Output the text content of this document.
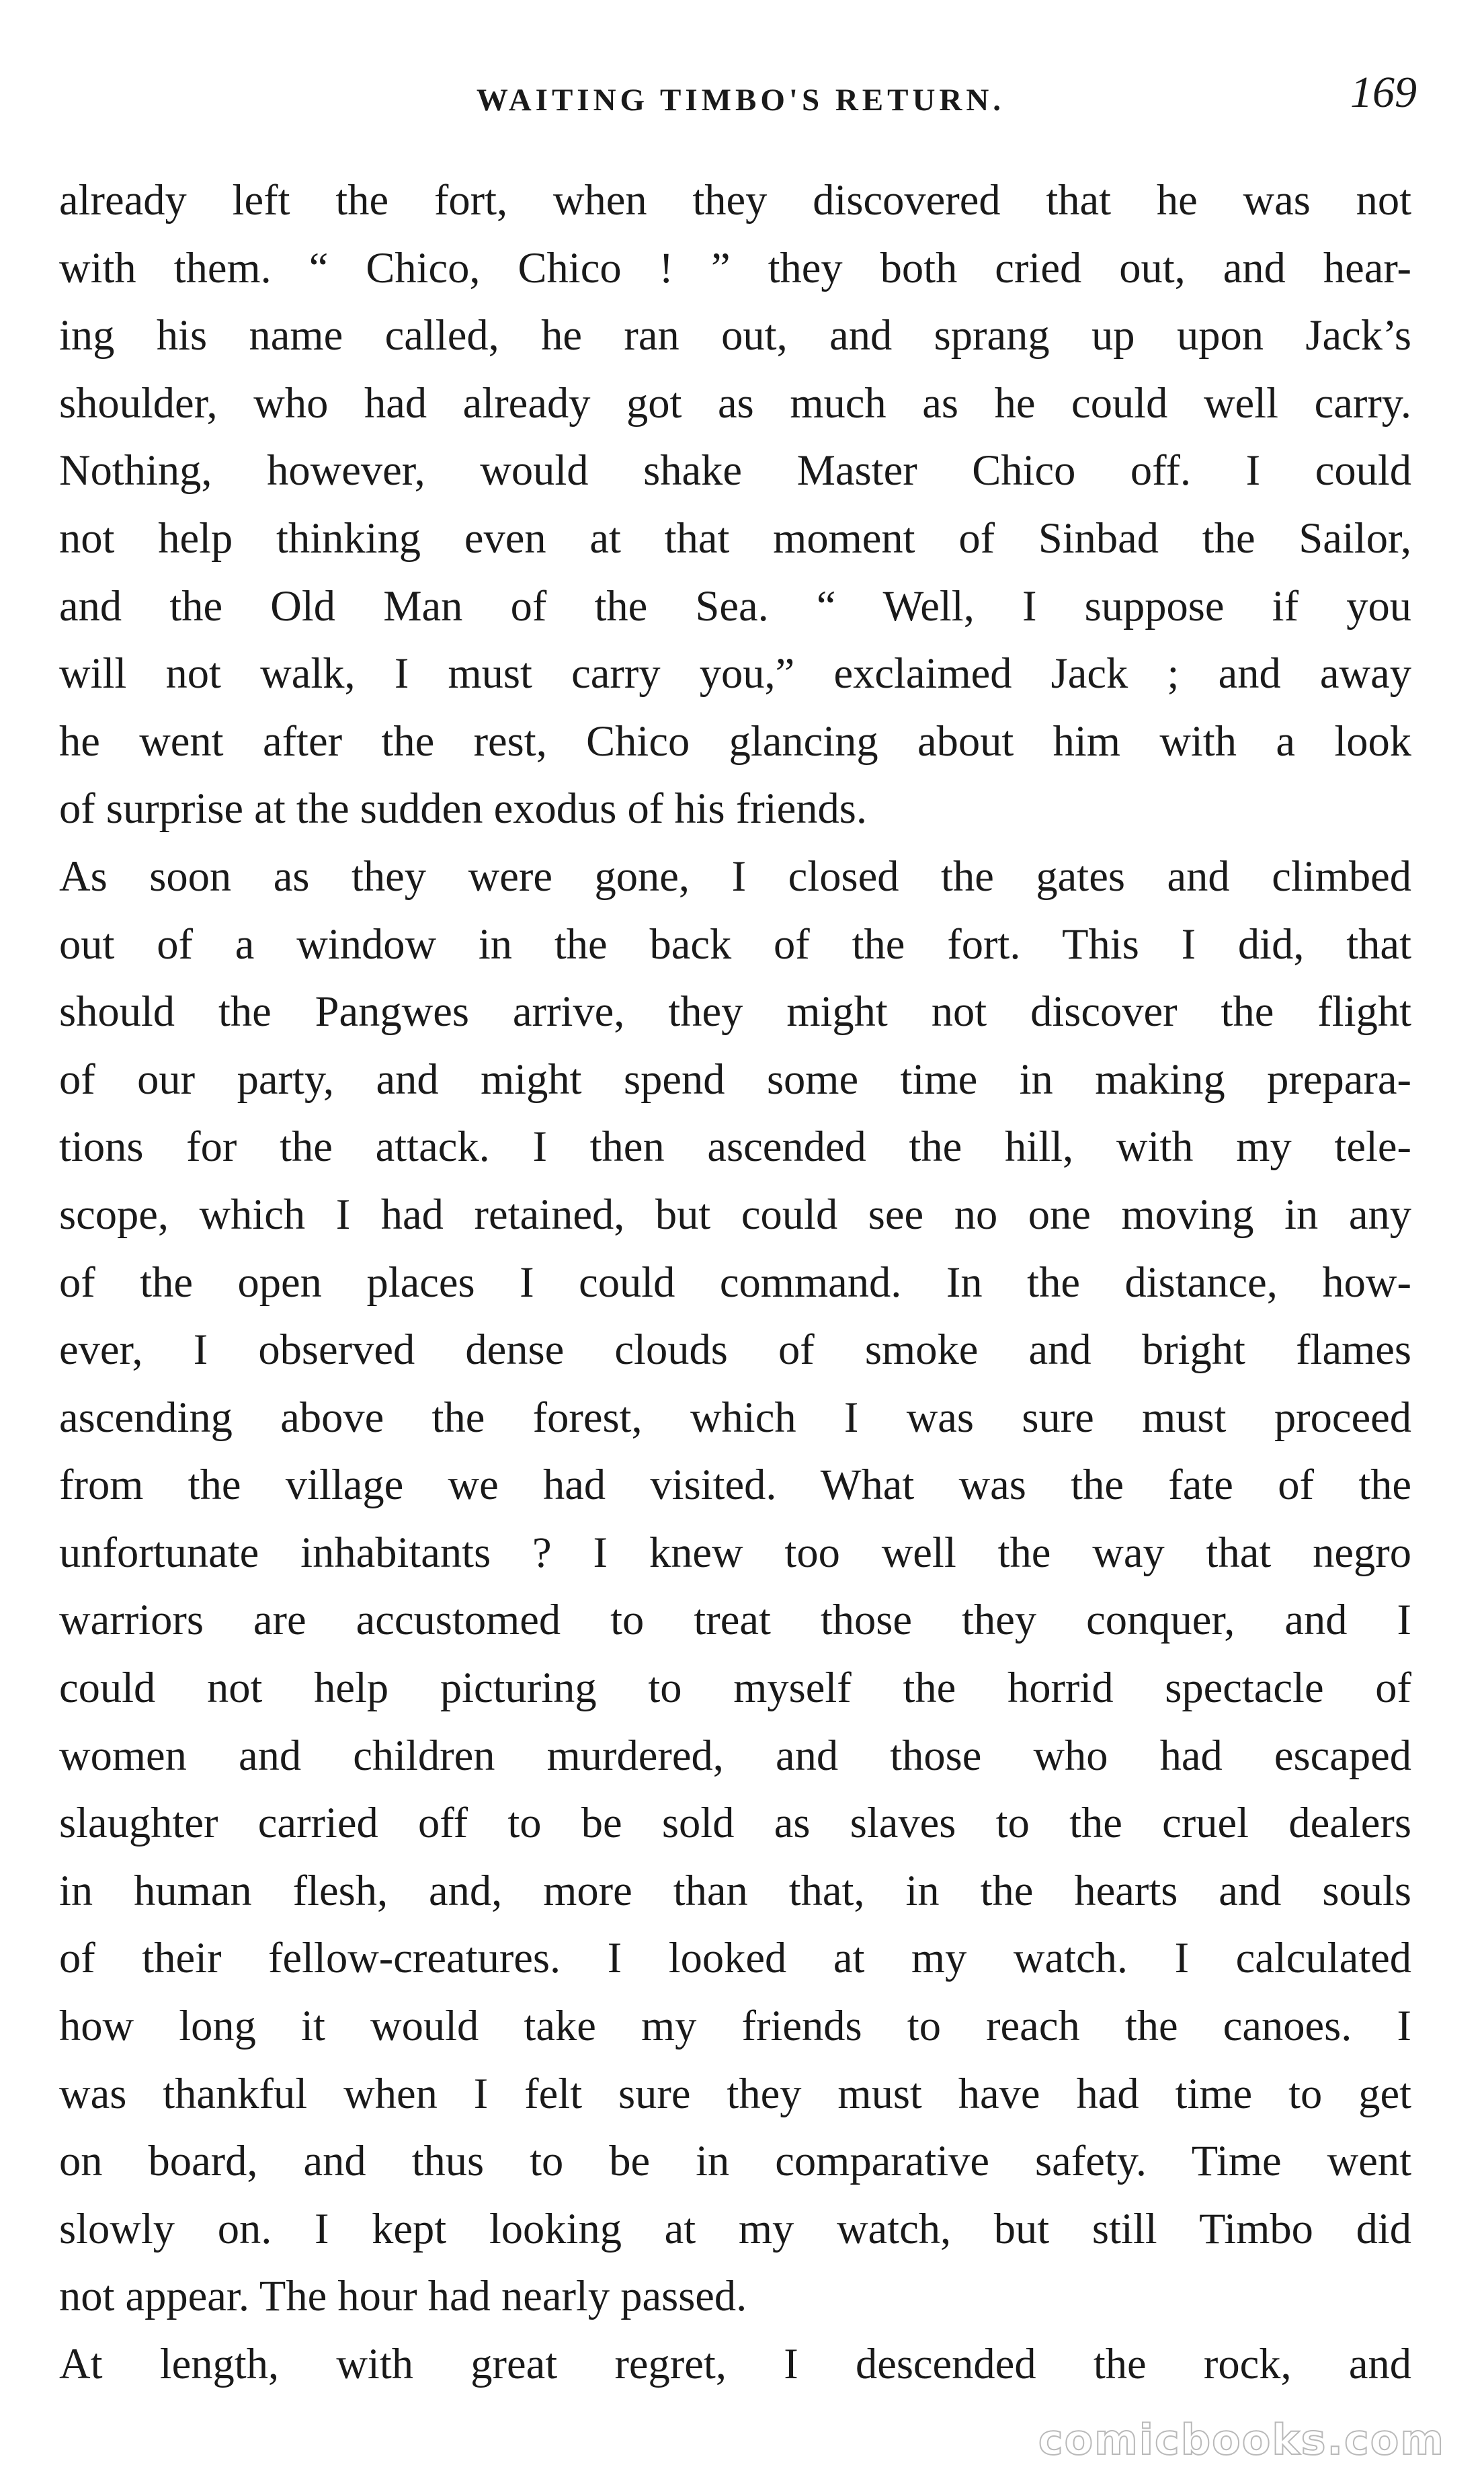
WAITING TIMBO'S RETURN.	169
already left the fort, when they discovered that he was not
with them. “ Chico, Chico ! ” they both cried out, and hear-
ing his name called, he ran out, and sprang up upon Jack’s
shoulder, who had already got as much as he could well carry.
Nothing, however, would shake Master Chico off. I could
not help thinking even at that moment of Sinbad the Sailor,
and the Old Man of the Sea. “ Well, I suppose if you
will not walk, I must carry you,” exclaimed Jack ; and away
he went after the rest, Chico glancing about him with a look
of surprise at the sudden exodus of his friends.
As soon as they were gone, I closed the gates and climbed
out of a window in the back of the fort. This I did, that
should the Pangwes arrive, they might not discover the flight
of our party, and might spend some time in making prepara-
tions for the attack. I then ascended the hill, with my tele-
scope, which I had retained, but could see no one moving in any
of the open places I could command. In the distance, how-
ever, I observed dense clouds of smoke and bright flames
ascending above the forest, which I was sure must proceed
from the village we had visited. What was the fate of the
unfortunate inhabitants ? I knew too well the way that negro
warriors are accustomed to treat those they conquer, and I
could not help picturing to myself the horrid spectacle of
women and children murdered, and those who had escaped
slaughter carried off to be sold as slaves to the cruel dealers
in human flesh, and, more than that, in the hearts and souls
of their fellow-creatures. I looked at my watch. I calculated
how long it would take my friends to reach the canoes. I
was thankful when I felt sure they must have had time to get
on board, and thus to be in comparative safety. Time went
slowly on. I kept looking at my watch, but still Timbo did
not appear. The hour had nearly passed.
At length, with great regret, I descended the rock, and
comicbooks.com
